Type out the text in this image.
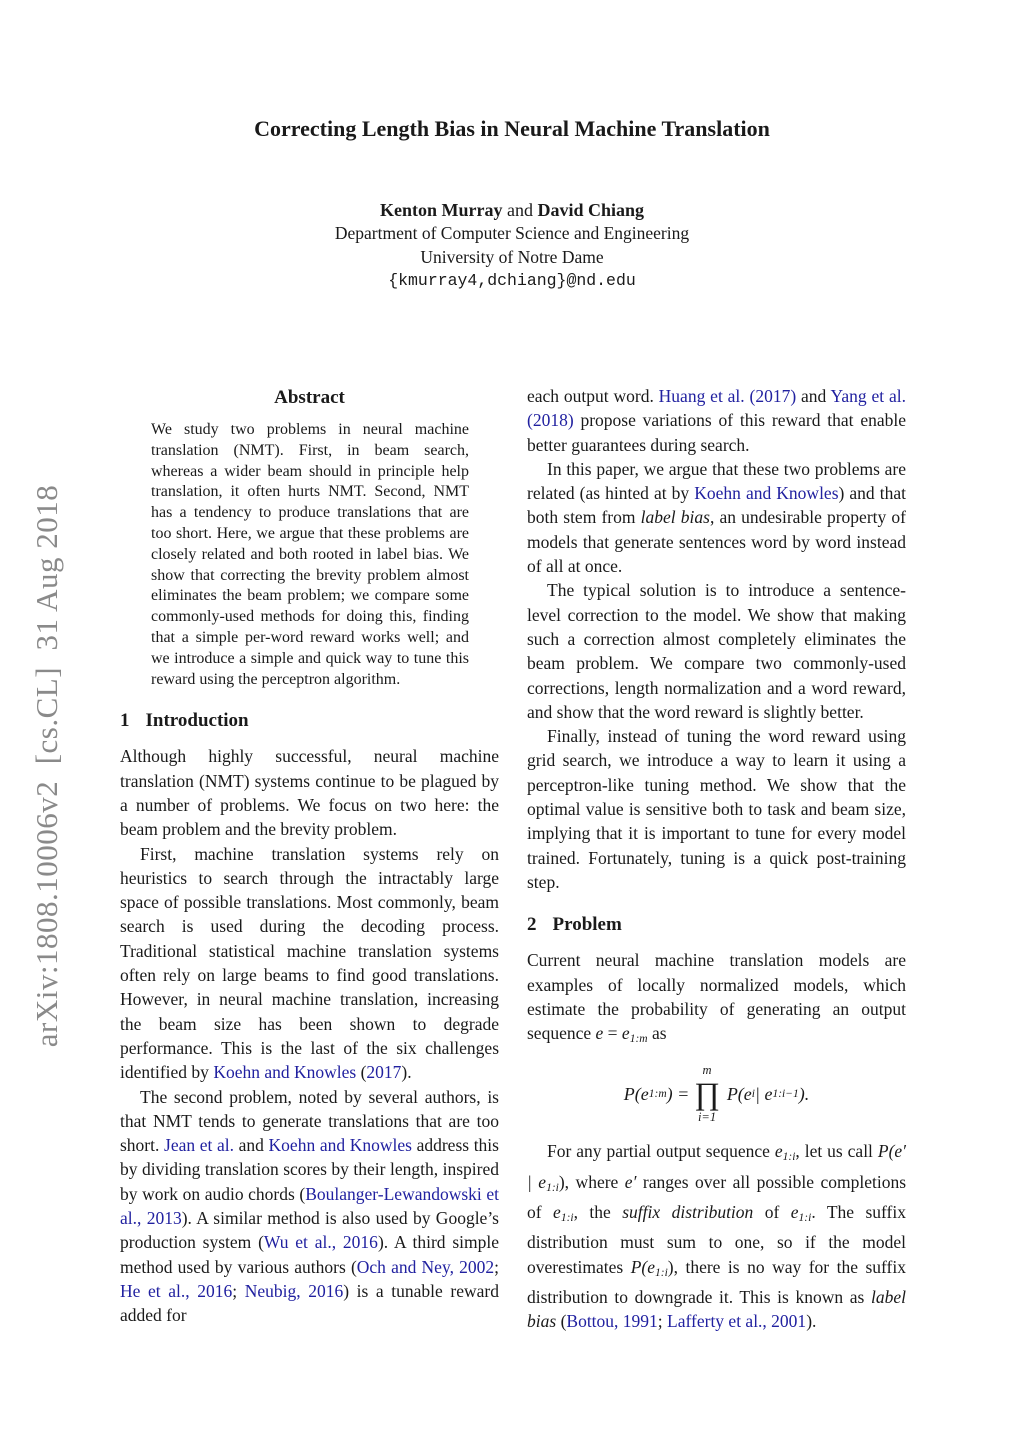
arXiv:1808.10006v2  [cs.CL]  31 Aug 2018
Correcting Length Bias in Neural Machine Translation
Kenton Murray and David Chiang
Department of Computer Science and Engineering
University of Notre Dame
{kmurray4,dchiang}@nd.edu
Abstract
We study two problems in neural machine translation (NMT). First, in beam search, whereas a wider beam should in principle help translation, it often hurts NMT. Second, NMT has a tendency to produce translations that are too short. Here, we argue that these problems are closely related and both rooted in label bias. We show that correcting the brevity problem almost eliminates the beam problem; we compare some commonly-used methods for doing this, finding that a simple per-word reward works well; and we introduce a simple and quick way to tune this reward using the perceptron algorithm.
1 Introduction

Although highly successful, neural machine translation (NMT) systems continue to be plagued by a number of problems. We focus on two here: the beam problem and the brevity problem.

First, machine translation systems rely on heuristics to search through the intractably large space of possible translations. Most commonly, beam search is used during the decoding process. Traditional statistical machine translation systems often rely on large beams to find good translations. However, in neural machine translation, increasing the beam size has been shown to degrade performance. This is the last of the six challenges identified by Koehn and Knowles (2017).

The second problem, noted by several authors, is that NMT tends to generate translations that are too short. Jean et al. and Koehn and Knowles address this by dividing translation scores by their length, inspired by work on audio chords (Boulanger-Lewandowski et al., 2013). A similar method is also used by Google’s production system (Wu et al., 2016). A third simple method used by various authors (Och and Ney, 2002; He et al., 2016; Neubig, 2016) is a tunable reward added for

each output word. Huang et al. (2017) and Yang et al. (2018) propose variations of this reward that enable better guarantees during search.

In this paper, we argue that these two problems are related (as hinted at by Koehn and Knowles) and that both stem from label bias, an undesirable property of models that generate sentences word by word instead of all at once.

The typical solution is to introduce a sentence-level correction to the model. We show that making such a correction almost completely eliminates the beam problem. We compare two commonly-used corrections, length normalization and a word reward, and show that the word reward is slightly better.

Finally, instead of tuning the word reward using grid search, we introduce a way to learn it using a perceptron-like tuning method. We show that the optimal value is sensitive both to task and beam size, implying that it is important to tune for every model trained. Fortunately, tuning is a quick post-training step.

2 Problem

Current neural machine translation models are examples of locally normalized models, which estimate the probability of generating an output sequence e = e1:m as

P(e 1:m ) =
m
∏
i=1
P(e i | e 1:i−1 ).

For any partial output sequence e1:i, let us call P(e′ | e1:i), where e′ ranges over all possible completions of e1:i, the suffix distribution of e1:i. The suffix distribution must sum to one, so if the model overestimates P(e1:i), there is no way for the suffix distribution to downgrade it. This is known as label bias (Bottou, 1991; Lafferty et al., 2001).
